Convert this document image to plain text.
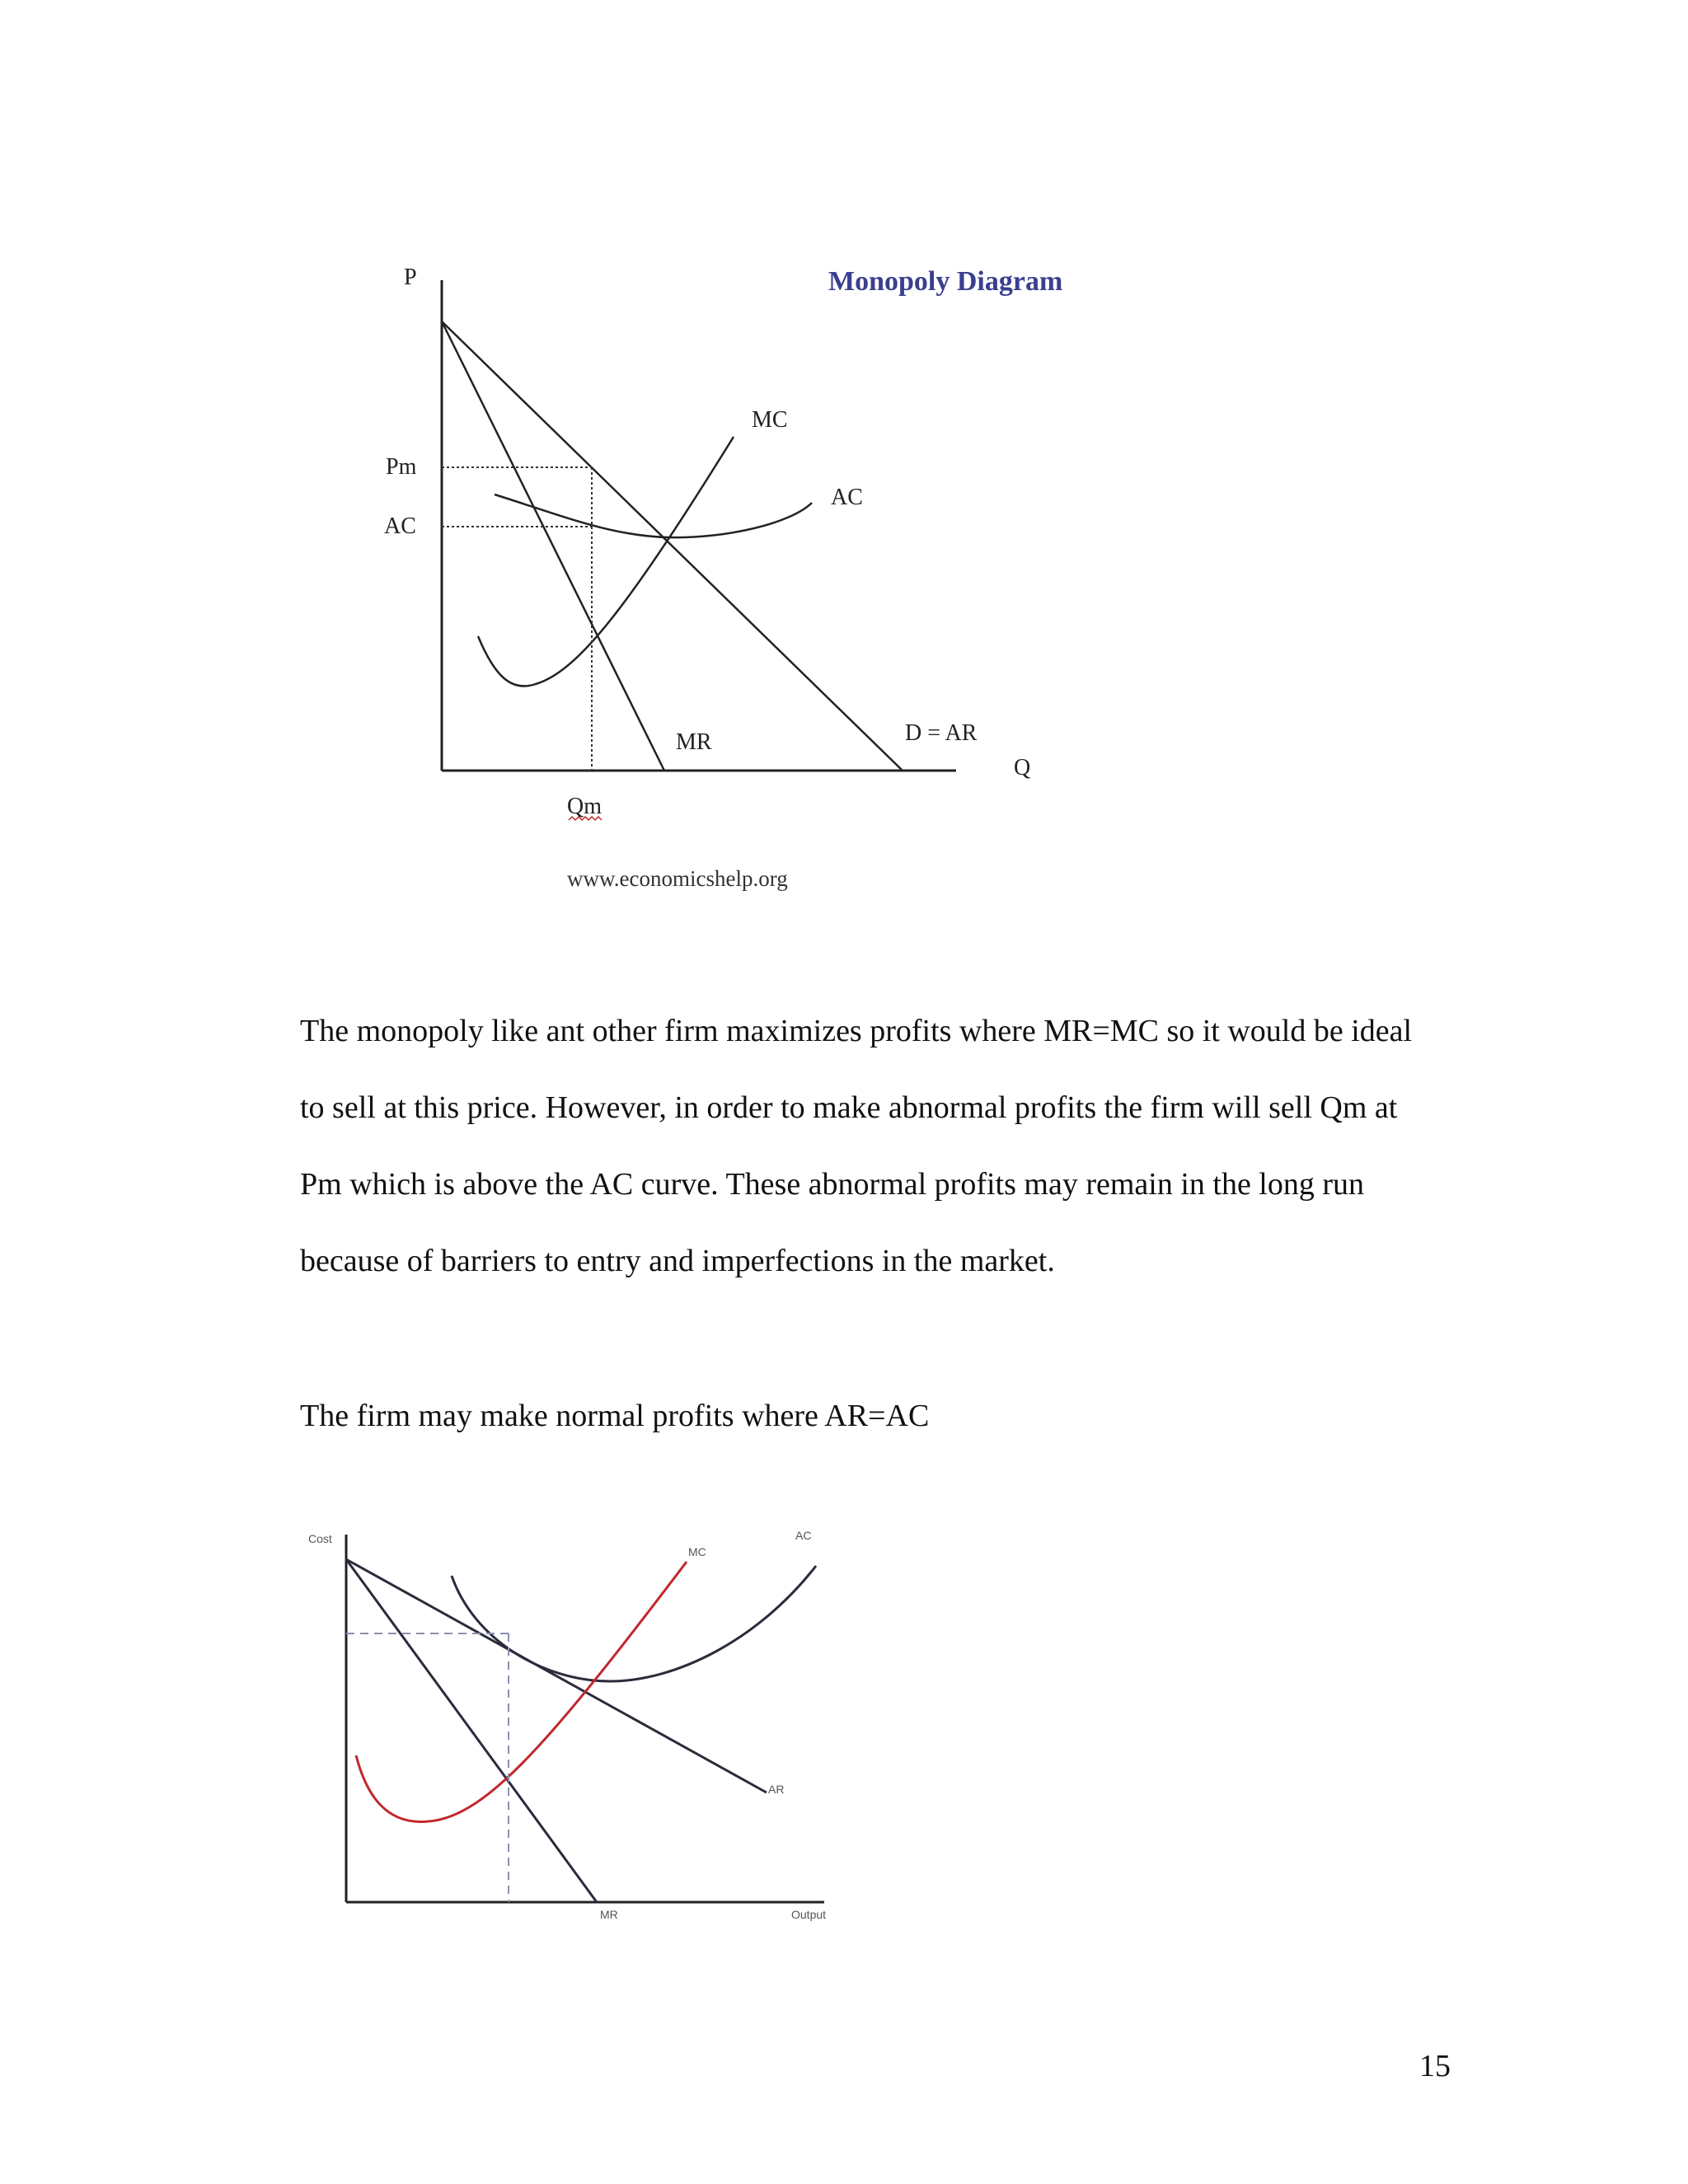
Monopoly Diagram
P
Q
Pm
AC
Qm
MC
AC
MR	D = AR
www.economicshelp.org

The monopoly like ant other firm maximizes profits where MR=MC so it would be ideal to sell at this price. However, in order to make abnormal profits the firm will sell Qm at Pm which is above the AC curve. These abnormal profits may remain in the long run because of barriers to entry and imperfections in the market.

The firm may make normal profits where AR=AC

Cost
Output
MC
AC
AR
MR
15
